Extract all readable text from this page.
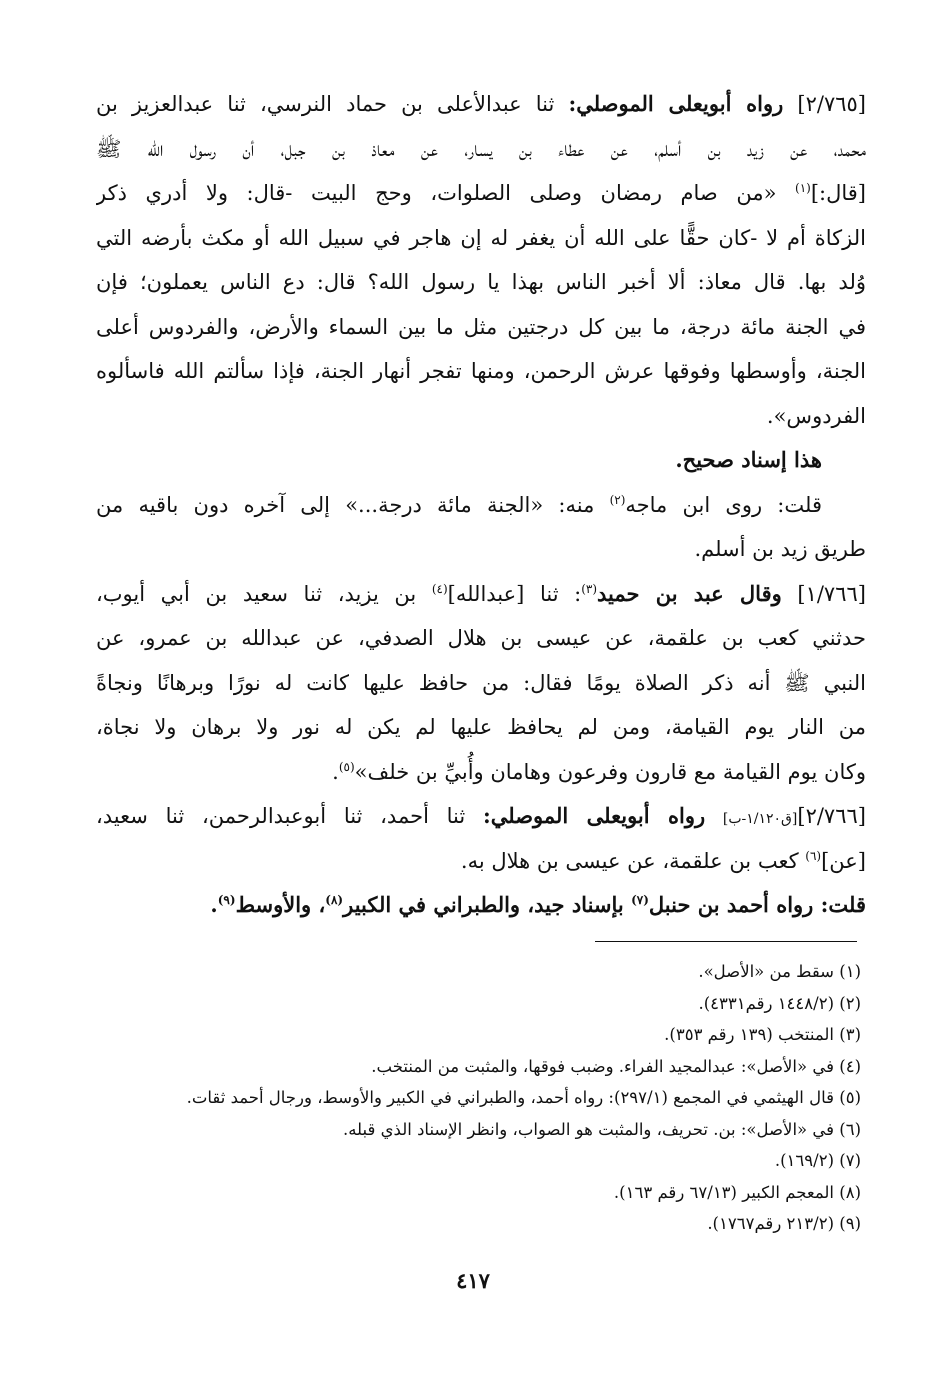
[٢/٧٦٥] رواه أبويعلى الموصلي: ثنا عبدالأعلى بن حماد النرسي، ثنا عبدالعزيز بن
محمد، عن زيد بن أسلم، عن عطاء بن يسار، عن معاذ بن جبل، أن رسول الله ﷺ
[قال:]$^{(١)}$ «من صام رمضان وصلى الصلوات، وحج البيت -قال: ولا أدري ذكر
الزكاة أم لا -كان حقًّا على الله أن يغفر له إن هاجر في سبيل الله أو مكث بأرضه التي
وُلد بها. قال معاذ: ألا أخبر الناس بهذا يا رسول الله؟ قال: دع الناس يعملون؛ فإن
في الجنة مائة درجة، ما بين كل درجتين مثل ما بين السماء والأرض، والفردوس أعلى
الجنة، وأوسطها وفوقها عرش الرحمن، ومنها تفجر أنهار الجنة، فإذا سألتم الله فاسألوه
الفردوس».
هذا إسناد صحيح.
قلت: روى ابن ماجه$^{(٢)}$ منه: «الجنة مائة درجة...» إلى آخره دون باقيه من
طريق زيد بن أسلم.
[١/٧٦٦] وقال عبد بن حميد$^{(٣)}$: ثنا [عبدالله]$^{(٤)}$ بن يزيد، ثنا سعيد بن أبي أيوب،
حدثني كعب بن علقمة، عن عيسى بن هلال الصدفي، عن عبدالله بن عمرو، عن
النبي ﷺ أنه ذكر الصلاة يومًا فقال: من حافظ عليها كانت له نورًا وبرهانًا ونجاةً
من النار يوم القيامة، ومن لم يحافظ عليها لم يكن له نور ولا برهان ولا نجاة،
وكان يوم القيامة مع قارون وفرعون وهامان وأُبيِّ بن خلف»$^{(٥)}$.
[٢/٧٦٦][ق١/١٢٠-ب] رواه أبويعلى الموصلي: ثنا أحمد، ثنا أبوعبدالرحمن، ثنا سعيد،
[عن]$^{(٦)}$ كعب بن علقمة، عن عيسى بن هلال به.
قلت: رواه أحمد بن حنبل$^{(٧)}$ بإسناد جيد، والطبراني في الكبير$^{(٨)}$، والأوسط$^{(٩)}$.
(١) سقط من «الأصل».
(٢) (١٤٤٨/٢ رقم٤٣٣١).
(٣) المنتخب (١٣٩ رقم ٣٥٣).
(٤) في «الأصل»: عبدالمجيد الفراء. وضبب فوقها، والمثبت من المنتخب.
(٥) قال الهيثمي في المجمع (٢٩٧/١): رواه أحمد، والطبراني في الكبير والأوسط، ورجال أحمد ثقات.
(٦) في «الأصل»: بن. تحريف، والمثبت هو الصواب، وانظر الإسناد الذي قبله.
(٧) (١٦٩/٢).
(٨) المعجم الكبير (٦٧/١٣ رقم ١٦٣).
(٩) (٢١٣/٢ رقم١٧٦٧).
٤١٧
